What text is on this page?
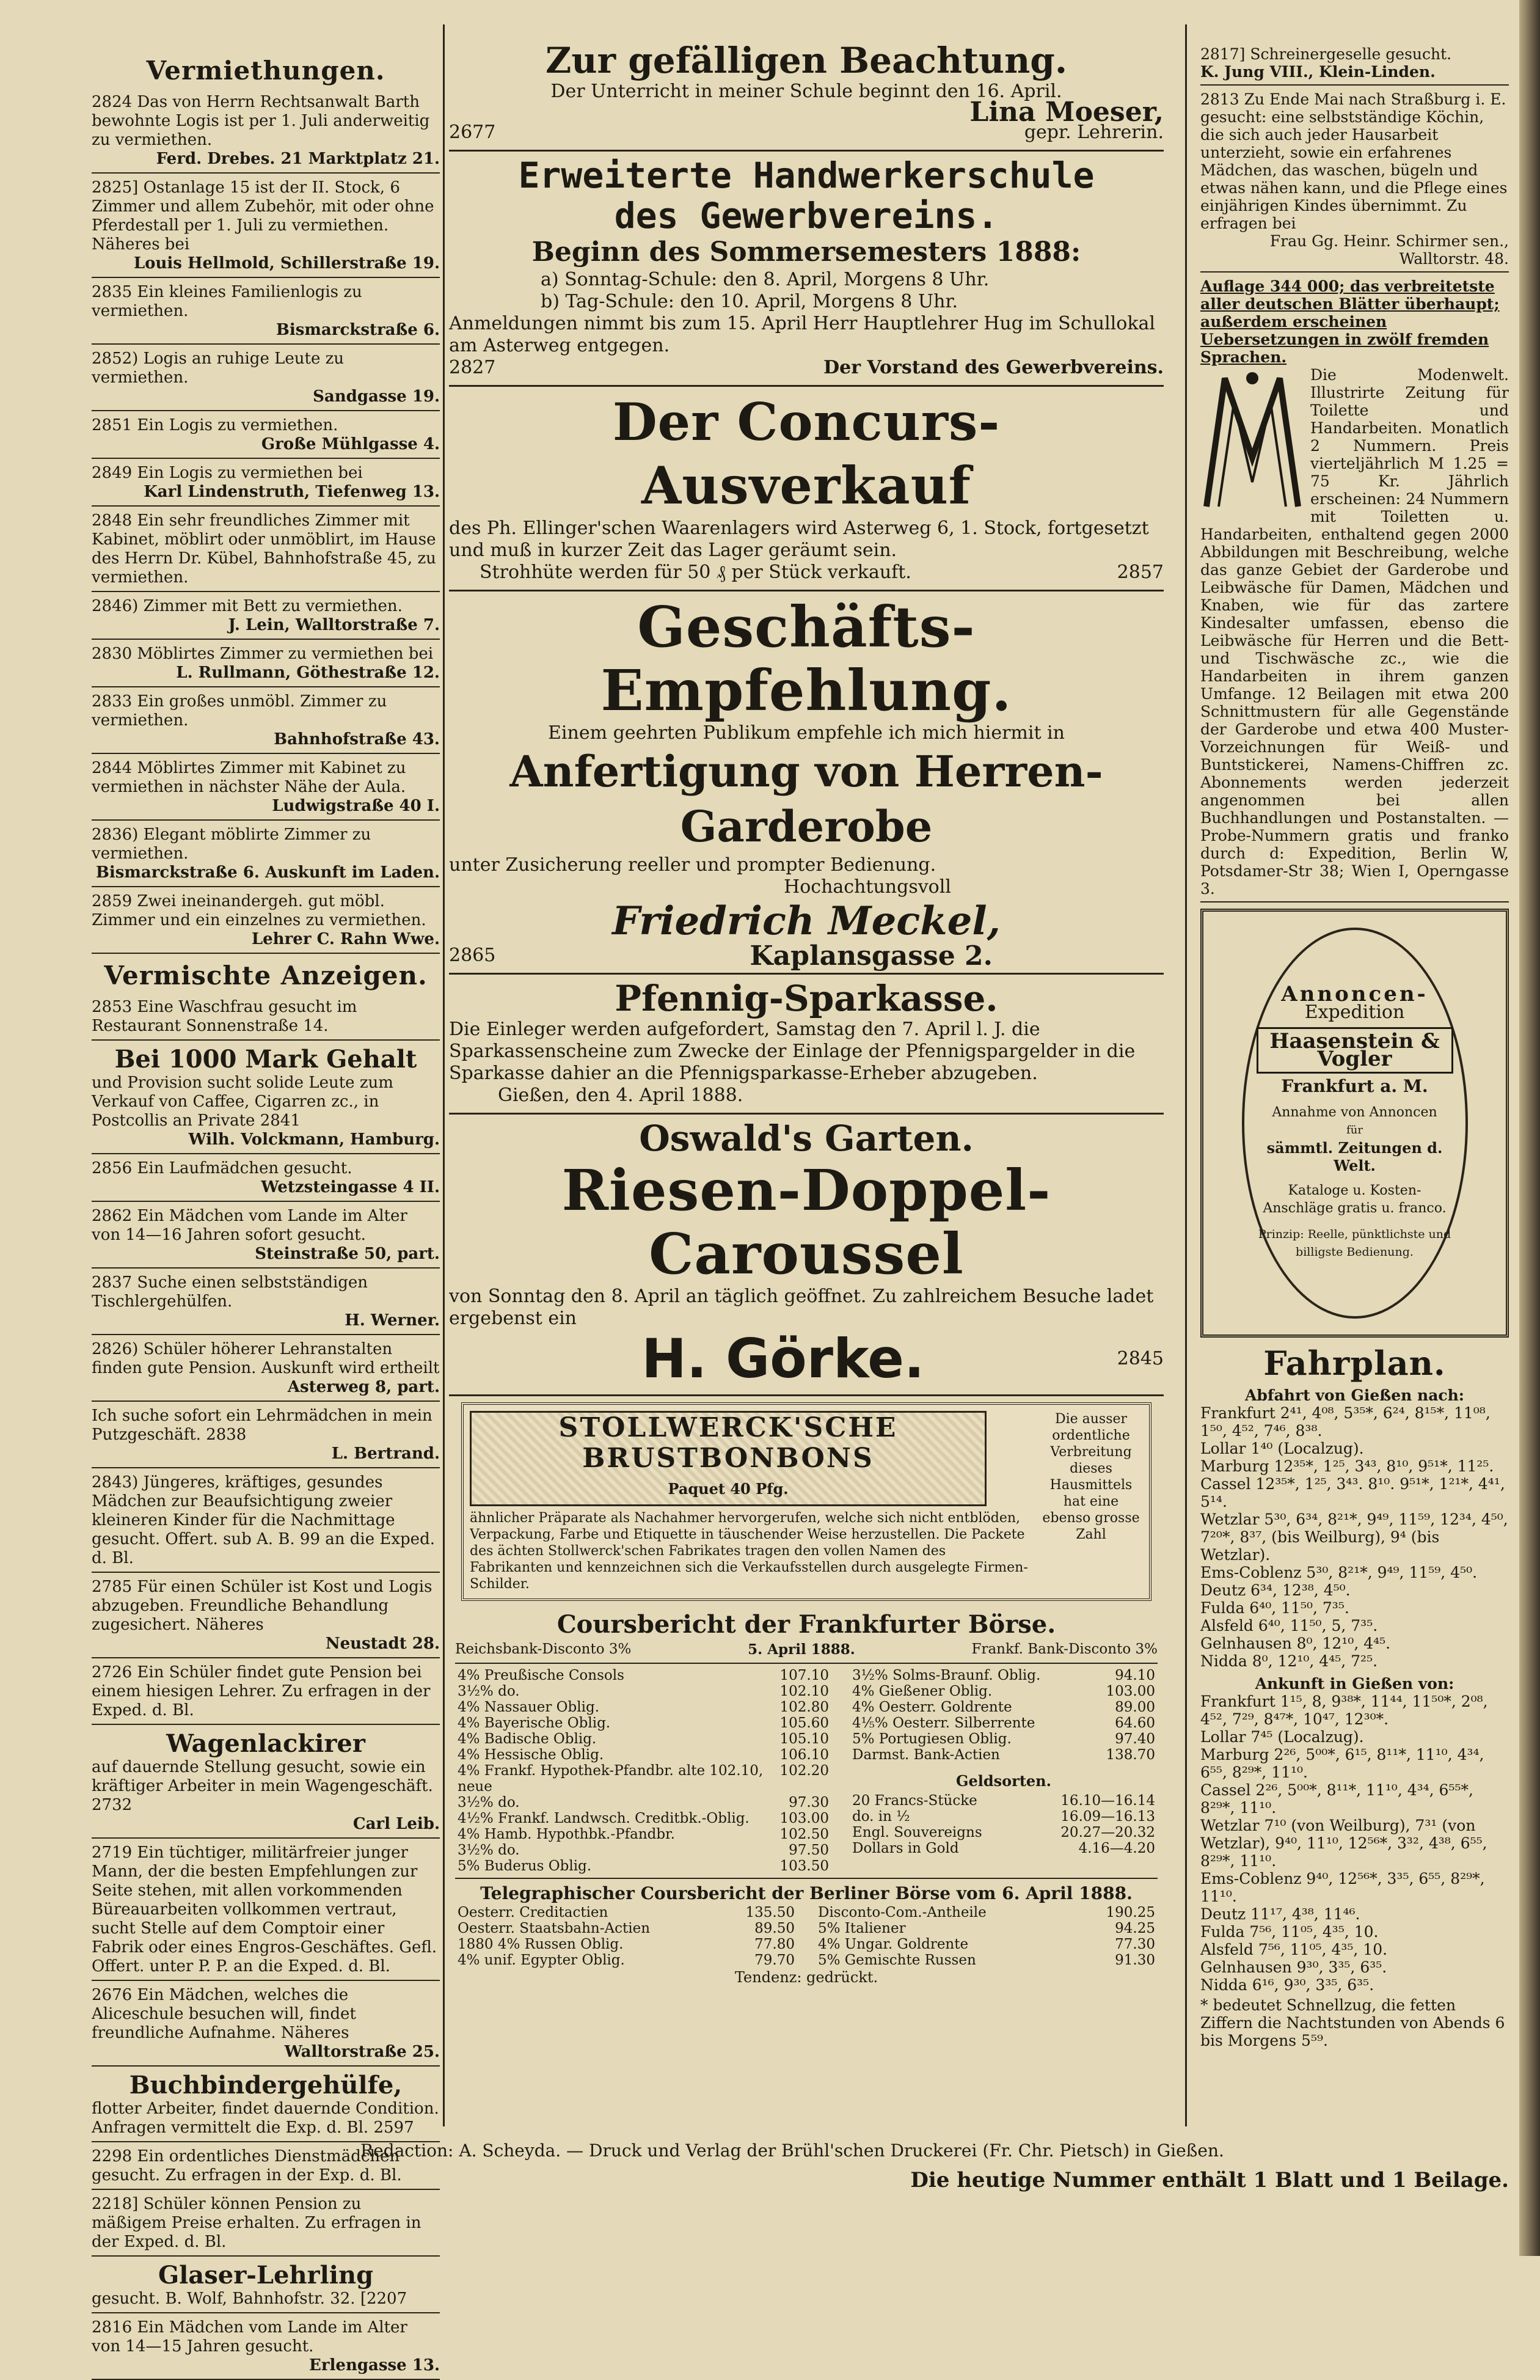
Vermiethungen.

2824 Das von Herrn Rechtsanwalt Barth bewohnte Logis ist per 1. Juli anderweitig zu vermiethen.

Ferd. Drebes. 21 Marktplatz 21.

2825] Ostanlage 15 ist der II. Stock, 6 Zimmer und allem Zubehör, mit oder ohne Pferdestall per 1. Juli zu vermiethen. Näheres bei

Louis Hellmold, Schillerstraße 19.

2835 Ein kleines Familienlogis zu vermiethen.

Bismarckstraße 6.

2852) Logis an ruhige Leute zu vermiethen.

Sandgasse 19.

2851 Ein Logis zu vermiethen.

Große Mühlgasse 4.

2849 Ein Logis zu vermiethen bei

Karl Lindenstruth, Tiefenweg 13.

2848 Ein sehr freundliches Zimmer mit Kabinet, möblirt oder unmöblirt, im Hause des Herrn Dr. Kübel, Bahnhofstraße 45, zu vermiethen.

2846) Zimmer mit Bett zu vermiethen.

J. Lein, Walltorstraße 7.

2830 Möblirtes Zimmer zu vermiethen bei

L. Rullmann, Göthestraße 12.

2833 Ein großes unmöbl. Zimmer zu vermiethen.

Bahnhofstraße 43.

2844 Möblirtes Zimmer mit Kabinet zu vermiethen in nächster Nähe der Aula.

Ludwigstraße 40 I.

2836) Elegant möblirte Zimmer zu vermiethen.

Bismarckstraße 6. Auskunft im Laden.

2859 Zwei ineinandergeh. gut möbl. Zimmer und ein einzelnes zu vermiethen.

Lehrer C. Rahn Wwe.

Vermischte Anzeigen.

2853 Eine Waschfrau gesucht im Restaurant Sonnenstraße 14.

Bei 1000 Mark Gehalt

und Provision sucht solide Leute zum Verkauf von Caffee, Cigarren zc., in Postcollis an Private 2841

Wilh. Volckmann, Hamburg.

2856 Ein Laufmädchen gesucht.

Wetzsteingasse 4 II.

2862 Ein Mädchen vom Lande im Alter von 14—16 Jahren sofort gesucht.

Steinstraße 50, part.

2837 Suche einen selbstständigen Tischlergehülfen.

H. Werner.

2826) Schüler höherer Lehranstalten finden gute Pension. Auskunft wird ertheilt

Asterweg 8, part.

Ich suche sofort ein Lehrmädchen in mein Putzgeschäft. 2838

L. Bertrand.

2843) Jüngeres, kräftiges, gesundes Mädchen zur Beaufsichtigung zweier kleineren Kinder für die Nachmittage gesucht. Offert. sub A. B. 99 an die Exped. d. Bl.

2785 Für einen Schüler ist Kost und Logis abzugeben. Freundliche Behandlung zugesichert. Näheres

Neustadt 28.

2726 Ein Schüler findet gute Pension bei einem hiesigen Lehrer. Zu erfragen in der Exped. d. Bl.

Wagenlackirer

auf dauernde Stellung gesucht, sowie ein kräftiger Arbeiter in mein Wagengeschäft. 2732

Carl Leib.

2719 Ein tüchtiger, militärfreier junger Mann, der die besten Empfehlungen zur Seite stehen, mit allen vorkommenden Büreauarbeiten vollkommen vertraut, sucht Stelle auf dem Comptoir einer Fabrik oder eines Engros-Geschäftes. Gefl. Offert. unter P. P. an die Exped. d. Bl.

2676 Ein Mädchen, welches die Aliceschule besuchen will, findet freundliche Aufnahme. Näheres

Walltorstraße 25.

Buchbindergehülfe,

flotter Arbeiter, findet dauernde Condition. Anfragen vermittelt die Exp. d. Bl. 2597

2298 Ein ordentliches Dienstmädchen gesucht. Zu erfragen in der Exp. d. Bl.

2218] Schüler können Pension zu mäßigem Preise erhalten. Zu erfragen in der Exped. d. Bl.

Glaser-Lehrling

gesucht. B. Wolf, Bahnhofstr. 32. [2207

2816 Ein Mädchen vom Lande im Alter von 14—15 Jahren gesucht.

Erlengasse 13.

Zur gefälligen Beachtung.
Der Unterricht in meiner Schule beginnt den 16. April.
2677
Lina Moeser,
gepr. Lehrerin.
Erweiterte Handwerkerschule
des Gewerbvereins.
Beginn des Sommersemesters 1888:
a) Sonntag-Schule: den 8. April, Morgens 8 Uhr.
b) Tag-Schule: den 10. April, Morgens 8 Uhr.
Anmeldungen nimmt bis zum 15. April Herr Hauptlehrer Hug im Schullokal am Asterweg entgegen.
2827	Der Vorstand des Gewerbvereins.
Der Concurs-Ausverkauf
des Ph. Ellinger'schen Waarenlagers wird Asterweg 6, 1. Stock, fortgesetzt und muß in kurzer Zeit das Lager geräumt sein.
Strohhüte werden für 50 ₰ per Stück verkauft.	2857
Geschäfts-Empfehlung.
Einem geehrten Publikum empfehle ich mich hiermit in
Anfertigung von Herren-Garderobe
unter Zusicherung reeller und prompter Bedienung.
Hochachtungsvoll
Friedrich Meckel,
2865	Kaplansgasse 2.
Pfennig-Sparkasse.
Die Einleger werden aufgefordert, Samstag den 7. April l. J. die Sparkassenscheine zum Zwecke der Einlage der Pfennigspargelder in die Sparkasse dahier an die Pfennigsparkasse-Erheber abzugeben.
Gießen, den 4. April 1888.
Oswald's Garten.
Riesen-Doppel-Caroussel
von Sonntag den 8. April an täglich geöffnet. Zu zahlreichem Besuche ladet ergebenst ein
H. Görke.	2845
STOLLWERCK'SCHE
BRUSTBONBONS
Paquet 40 Pfg.
ähnlicher Präparate als Nachahmer hervorgerufen, welche sich nicht entblöden, Verpackung, Farbe und Etiquette in täuschender Weise herzustellen. Die Packete des ächten Stollwerck'schen Fabrikates tragen den vollen Namen des Fabrikanten und kennzeichnen sich die Verkaufsstellen durch ausgelegte Firmen-Schilder.
Die ausser ordentliche Verbreitung dieses Hausmittels hat eine ebenso grosse Zahl
Coursbericht der Frankfurter Börse.
Reichsbank-Disconto 3%	5. April 1888.	Frankf. Bank-Disconto 3%
4% Preußische Consols	107.10
3½% do.	102.10
4% Nassauer Oblig.	102.80
4% Bayerische Oblig.	105.60
4% Badische Oblig.	105.10
4% Hessische Oblig.	106.10
4% Frankf. Hypothek-Pfandbr. alte 102.10, neue	102.20
3½% do.	97.30
4½% Frankf. Landwsch. Creditbk.-Oblig.	103.00
4% Hamb. Hypothbk.-Pfandbr.	102.50
3½% do.	97.50
5% Buderus Oblig.	103.50
3½% Solms-Braunf. Oblig.	94.10
4% Gießener Oblig.	103.00
4% Oesterr. Goldrente	89.00
4⅕% Oesterr. Silberrente	64.60
5% Portugiesen Oblig.	97.40
Darmst. Bank-Actien	138.70
Geldsorten.
20 Francs-Stücke	16.10—16.14
do. in ½	16.09—16.13
Engl. Souvereigns	20.27—20.32
Dollars in Gold	4.16—4.20
Telegraphischer Coursbericht der Berliner Börse vom 6. April 1888.
Oesterr. Creditactien	135.50
Oesterr. Staatsbahn-Actien	89.50
1880 4% Russen Oblig.	77.80
4% unif. Egypter Oblig.	79.70
Disconto-Com.-Antheile	190.25
5% Italiener	94.25
4% Ungar. Goldrente	77.30
5% Gemischte Russen	91.30
Tendenz: gedrückt.

2817] Schreinergeselle gesucht.

K. Jung VIII., Klein-Linden.

2813 Zu Ende Mai nach Straßburg i. E. gesucht: eine selbstständige Köchin, die sich auch jeder Hausarbeit unterzieht, sowie ein erfahrenes Mädchen, das waschen, bügeln und etwas nähen kann, und die Pflege eines einjährigen Kindes übernimmt. Zu erfragen bei

Frau Gg. Heinr. Schirmer sen., Walltorstr. 48.

Auflage 344 000; das verbreitetste aller deutschen Blätter überhaupt; außerdem erscheinen Uebersetzungen in zwölf fremden Sprachen.

Die Modenwelt. Illustrirte Zeitung für Toilette und Handarbeiten. Monatlich 2 Nummern. Preis vierteljährlich M 1.25 = 75 Kr. Jährlich erscheinen: 24 Nummern mit Toiletten u. Handarbeiten, enthaltend gegen 2000 Abbildungen mit Beschreibung, welche das ganze Gebiet der Garderobe und Leibwäsche für Damen, Mädchen und Knaben, wie für das zartere Kindesalter umfassen, ebenso die Leibwäsche für Herren und die Bett- und Tischwäsche zc., wie die Handarbeiten in ihrem ganzen Umfange. 12 Beilagen mit etwa 200 Schnittmustern für alle Gegenstände der Garderobe und etwa 400 Muster-Vorzeichnungen für Weiß- und Buntstickerei, Namens-Chiffren zc. Abonnements werden jederzeit angenommen bei allen Buchhandlungen und Postanstalten. — Probe-Nummern gratis und franko durch d: Expedition, Berlin W, Potsdamer-Str 38; Wien I, Operngasse 3.

Annoncen-
Expedition
Haasenstein & Vogler
Frankfurt a. M.
Annahme von Annoncen
für
sämmtl. Zeitungen d. Welt.
Kataloge u. Kosten-Anschläge gratis u. franco.
Prinzip: Reelle, pünktlichste und billigste Bedienung.
Fahrplan.
Abfahrt von Gießen nach:
Frankfurt 2⁴¹, 4⁰⁸, 5³⁵*, 6²⁴, 8¹⁵*, 11⁰⁸, 1⁵⁰, 4⁵², 7⁴⁶, 8³⁸.
Lollar 1⁴⁰ (Localzug).
Marburg 12³⁵*, 1²⁵, 3⁴³, 8¹⁰, 9⁵¹*, 11²⁵.
Cassel 12³⁵*, 1²⁵, 3⁴³. 8¹⁰. 9⁵¹*, 1²¹*, 4⁴¹, 5¹⁴.
Wetzlar 5³⁰, 6³⁴, 8²¹*, 9⁴⁹, 11⁵⁹, 12³⁴, 4⁵⁰, 7²⁰*, 8³⁷, (bis Weilburg), 9⁴ (bis Wetzlar).
Ems-Coblenz 5³⁰, 8²¹*, 9⁴⁹, 11⁵⁹, 4⁵⁰.
Deutz 6³⁴, 12³⁸, 4⁵⁰.
Fulda 6⁴⁰, 11⁵⁰, 7³⁵.
Alsfeld 6⁴⁰, 11⁵⁰, 5, 7³⁵.
Gelnhausen 8⁰, 12¹⁰, 4⁴⁵.
Nidda 8⁰, 12¹⁰, 4⁴⁵, 7²⁵.
Ankunft in Gießen von:
Frankfurt 1¹⁵, 8, 9³⁸*, 11⁴⁴, 11⁵⁰*, 2⁰⁸, 4⁵², 7²⁹, 8⁴⁷*, 10⁴⁷, 12³⁰*.
Lollar 7⁴⁵ (Localzug).
Marburg 2²⁶, 5⁰⁰*, 6¹⁵, 8¹¹*, 11¹⁰, 4³⁴, 6⁵⁵, 8²⁹*, 11¹⁰.
Cassel 2²⁶, 5⁰⁰*, 8¹¹*, 11¹⁰, 4³⁴, 6⁵⁵*, 8²⁹*, 11¹⁰.
Wetzlar 7¹⁰ (von Weilburg), 7³¹ (von Wetzlar), 9⁴⁰, 11¹⁰, 12⁵⁶*, 3³², 4³⁸, 6⁵⁵, 8²⁹*, 11¹⁰.
Ems-Coblenz 9⁴⁰, 12⁵⁶*, 3³⁵, 6⁵⁵, 8²⁹*, 11¹⁰.
Deutz 11¹⁷, 4³⁸, 11⁴⁶.
Fulda 7⁵⁶, 11⁰⁵, 4³⁵, 10.
Alsfeld 7⁵⁶, 11⁰⁵, 4³⁵, 10.
Gelnhausen 9³⁰, 3³⁵, 6³⁵.
Nidda 6¹⁶, 9³⁰, 3³⁵, 6³⁵.
* bedeutet Schnellzug, die fetten Ziffern die Nachtstunden von Abends 6 bis Morgens 5⁵⁹.
Redaction: A. Scheyda. — Druck und Verlag der Brühl'schen Druckerei (Fr. Chr. Pietsch) in Gießen.
Die heutige Nummer enthält 1 Blatt und 1 Beilage.
